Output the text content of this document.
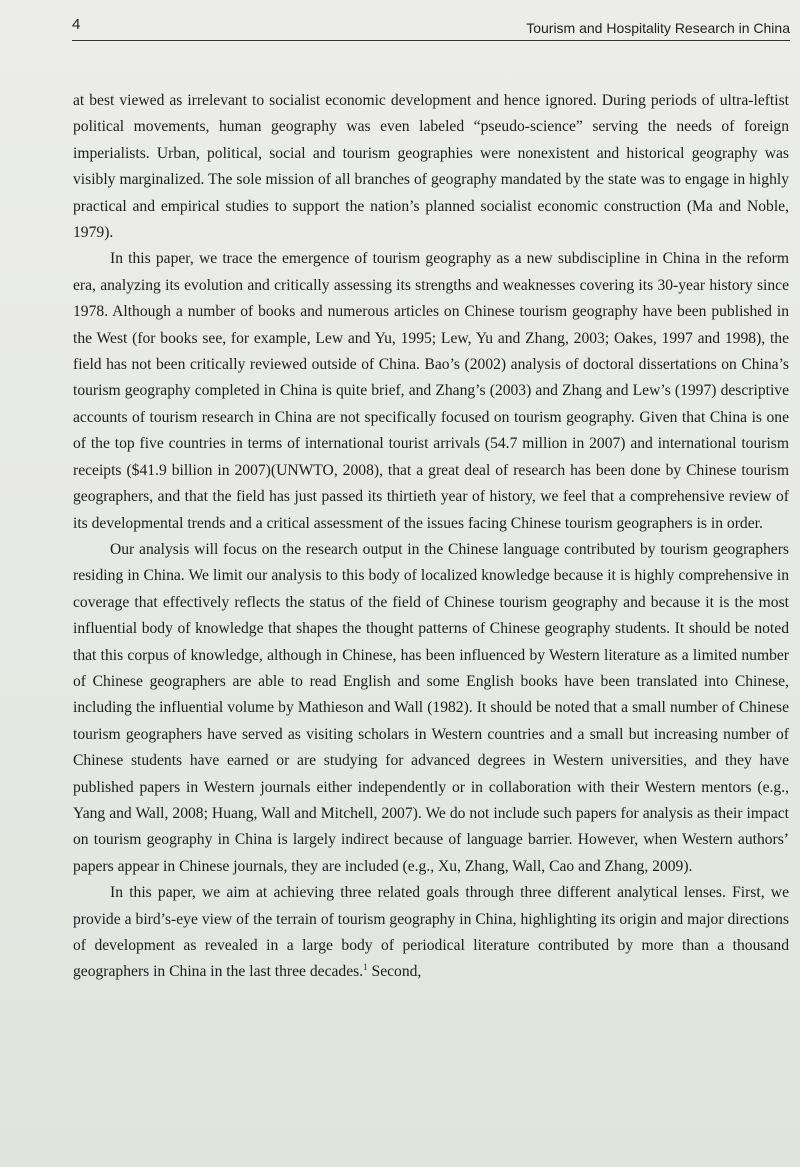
4	Tourism and Hospitality Research in China

at best viewed as irrelevant to socialist economic development and hence ignored. During periods of ultra-leftist political movements, human geography was even labeled “pseudo-science” serving the needs of foreign imperialists. Urban, political, social and tourism geographies were nonexistent and historical geography was visibly marginalized. The sole mission of all branches of geography mandated by the state was to engage in highly practical and empirical studies to support the nation’s planned socialist economic construction (Ma and Noble, 1979).

In this paper, we trace the emergence of tourism geography as a new subdiscipline in China in the reform era, analyzing its evolution and critically assessing its strengths and weaknesses covering its 30-year history since 1978. Although a number of books and numerous articles on Chinese tourism geography have been published in the West (for books see, for example, Lew and Yu, 1995; Lew, Yu and Zhang, 2003; Oakes, 1997 and 1998), the field has not been critically reviewed outside of China. Bao’s (2002) analysis of doctoral dissertations on China’s tourism geography completed in China is quite brief, and Zhang’s (2003) and Zhang and Lew’s (1997) descriptive accounts of tourism research in China are not specifically focused on tourism geography. Given that China is one of the top five countries in terms of international tourist arrivals (54.7 million in 2007) and international tourism receipts ($41.9 billion in 2007)(UNWTO, 2008), that a great deal of research has been done by Chinese tourism geographers, and that the field has just passed its thirtieth year of history, we feel that a comprehensive review of its developmental trends and a critical assessment of the issues facing Chinese tourism geographers is in order.

Our analysis will focus on the research output in the Chinese language contributed by tourism geographers residing in China. We limit our analysis to this body of localized knowledge because it is highly comprehensive in coverage that effectively reflects the status of the field of Chinese tourism geography and because it is the most influential body of knowledge that shapes the thought patterns of Chinese geography students. It should be noted that this corpus of knowledge, although in Chinese, has been influenced by Western literature as a limited number of Chinese geographers are able to read English and some English books have been translated into Chinese, including the influential volume by Mathieson and Wall (1982). It should be noted that a small number of Chinese tourism geographers have served as visiting scholars in Western countries and a small but increasing number of Chinese students have earned or are studying for advanced degrees in Western universities, and they have published papers in Western journals either independently or in collaboration with their Western mentors (e.g., Yang and Wall, 2008; Huang, Wall and Mitchell, 2007). We do not include such papers for analysis as their impact on tourism geography in China is largely indirect because of language barrier. However, when Western authors’ papers appear in Chinese journals, they are included (e.g., Xu, Zhang, Wall, Cao and Zhang, 2009).

In this paper, we aim at achieving three related goals through three different analytical lenses. First, we provide a bird’s-eye view of the terrain of tourism geography in China, highlighting its origin and major directions of development as revealed in a large body of periodical literature contributed by more than a thousand geographers in China in the last three decades.$^1$ Second,
